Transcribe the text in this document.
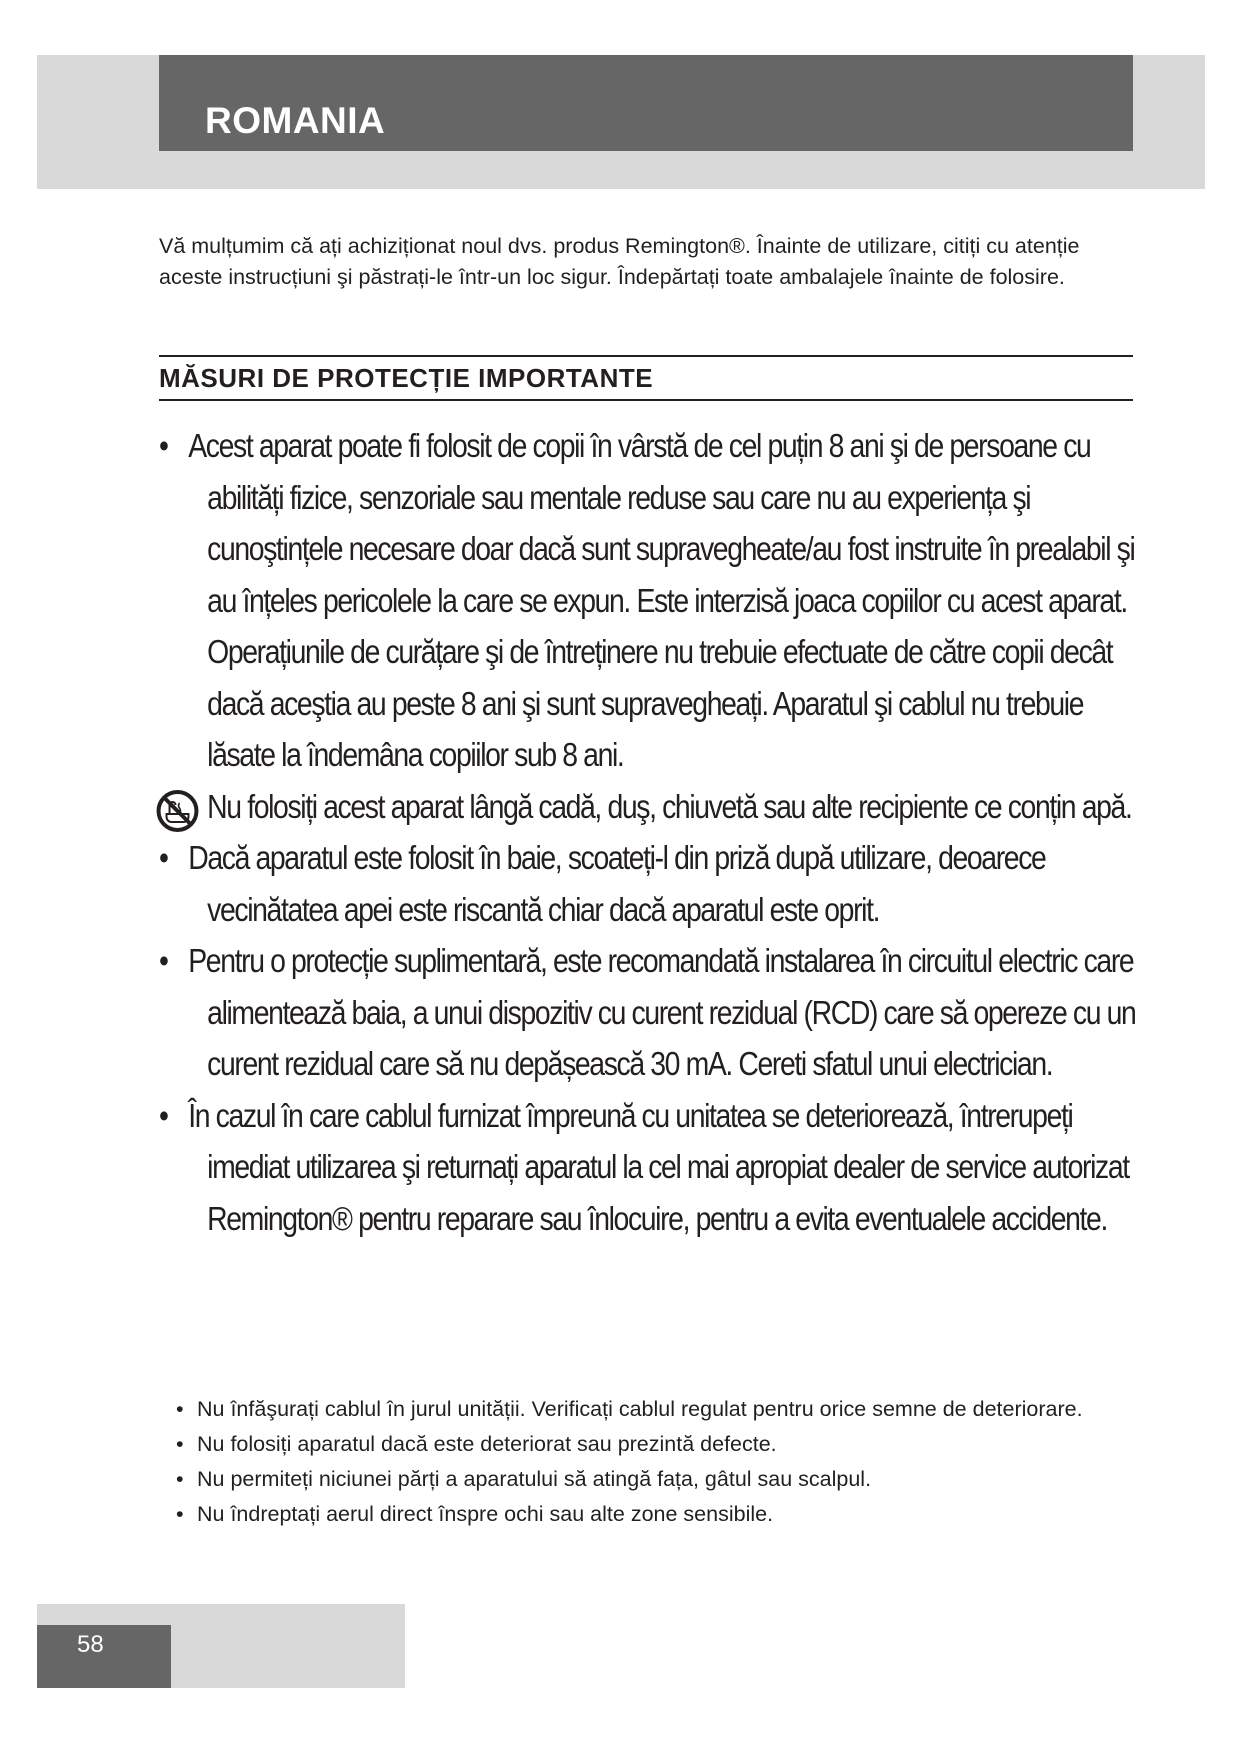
ROMANIA

Vă mulțumim că ați achiziționat noul dvs. produs Remington®. Înainte de utilizare, citiți cu atenție aceste instrucțiuni şi păstrați-le într-un loc sigur. Îndepărtați toate ambalajele înainte de folosire.

MĂSURI DE PROTECȚIE IMPORTANTE
• Acest aparat poate fi folosit de copii în vârstă de cel puțin 8 ani şi de persoane cu abilități fizice, senzoriale sau mentale reduse sau care nu au experiența şi cunoştințele necesare doar dacă sunt supravegheate/au fost instruite în prealabil şi au înțeles pericolele la care se expun. Este interzisă joaca copiilor cu acest aparat. Operațiunile de curățare şi de întreținere nu trebuie efectuate de către copii decât dacă aceştia au peste 8 ani şi sunt supravegheați. Aparatul şi cablul nu trebuie lăsate la îndemâna copiilor sub 8 ani.
Nu folosiți acest aparat lângă cadă, duş, chiuvetă sau alte recipiente ce conțin apă.
• Dacă aparatul este folosit în baie, scoateți-l din priză după utilizare, deoarece vecinătatea apei este riscantă chiar dacă aparatul este oprit.
• Pentru o protecție suplimentară, este recomandată instalarea în circuitul electric care alimentează baia, a unui dispozitiv cu curent rezidual (RCD) care să opereze cu un curent rezidual care să nu depășească 30 mA. Cereti sfatul unui electrician.
• În cazul în care cablul furnizat împreună cu unitatea se deteriorează, întrerupeți imediat utilizarea şi returnați aparatul la cel mai apropiat dealer de service autorizat Remington® pentru reparare sau înlocuire, pentru a evita eventualele accidente.
• Nu înfăşurați cablul în jurul unității. Verificați cablul regulat pentru orice semne de deteriorare.
• Nu folosiți aparatul dacă este deteriorat sau prezintă defecte.
• Nu permiteți niciunei părți a aparatului să atingă fața, gâtul sau scalpul.
• Nu îndreptați aerul direct înspre ochi sau alte zone sensibile.
58
